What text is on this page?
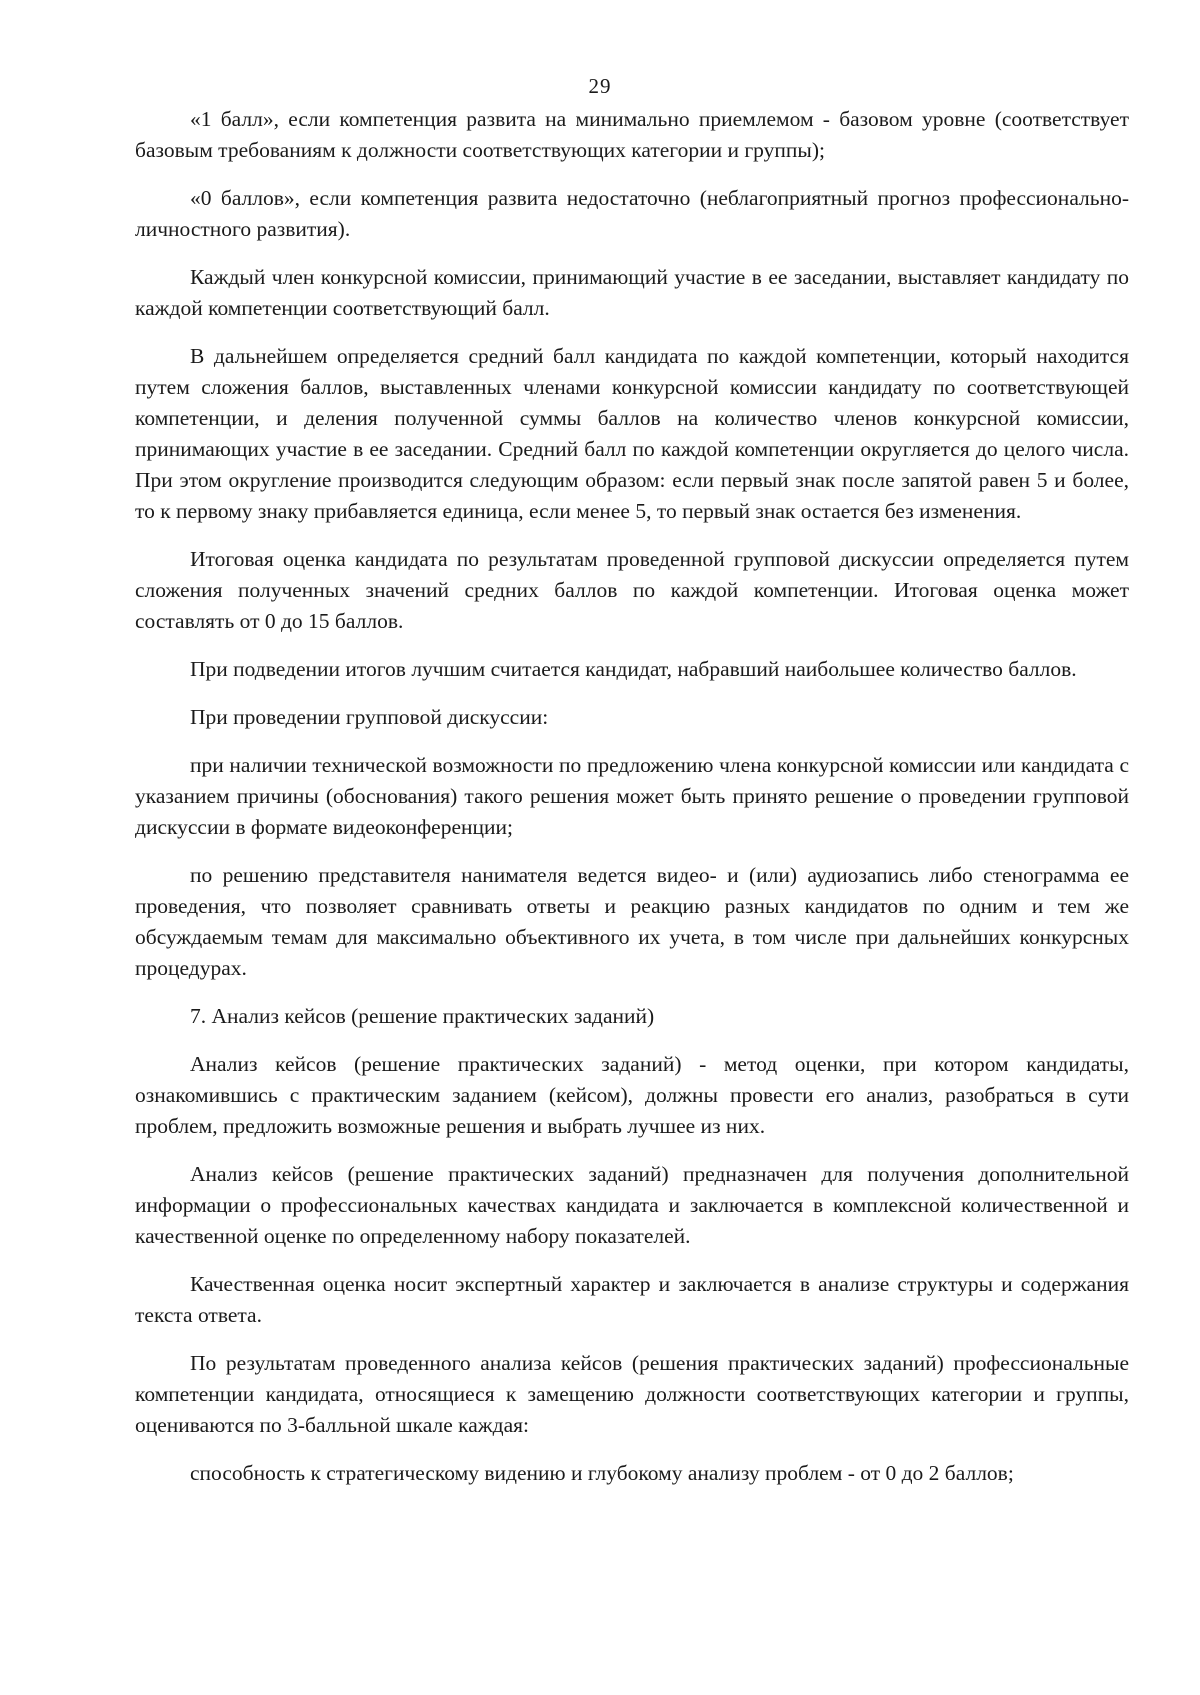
29

«1 балл», если компетенция развита на минимально приемлемом - базовом уровне (соответствует базовым требованиям к должности соответствующих категории и группы);

«0 баллов», если компетенция развита недостаточно (неблагоприятный прогноз профессионально-личностного развития).

Каждый член конкурсной комиссии, принимающий участие в ее заседании, выставляет кандидату по каждой компетенции соответствующий балл.

В дальнейшем определяется средний балл кандидата по каждой компетенции, который находится путем сложения баллов, выставленных членами конкурсной комиссии кандидату по соответствующей компетенции, и деления полученной суммы баллов на количество членов конкурсной комиссии, принимающих участие в ее заседании. Средний балл по каждой компетенции округляется до целого числа. При этом округление производится следующим образом: если первый знак после запятой равен 5 и более, то к первому знаку прибавляется единица, если менее 5, то первый знак остается без изменения.

Итоговая оценка кандидата по результатам проведенной групповой дискуссии определяется путем сложения полученных значений средних баллов по каждой компетенции. Итоговая оценка может составлять от 0 до 15 баллов.

При подведении итогов лучшим считается кандидат, набравший наибольшее количество баллов.

При проведении групповой дискуссии:

при наличии технической возможности по предложению члена конкурсной комиссии или кандидата с указанием причины (обоснования) такого решения может быть принято решение о проведении групповой дискуссии в формате видеоконференции;

по решению представителя нанимателя ведется видео- и (или) аудиозапись либо стенограмма ее проведения, что позволяет сравнивать ответы и реакцию разных кандидатов по одним и тем же обсуждаемым темам для максимально объективного их учета, в том числе при дальнейших конкурсных процедурах.

7. Анализ кейсов (решение практических заданий)

Анализ кейсов (решение практических заданий) - метод оценки, при котором кандидаты, ознакомившись с практическим заданием (кейсом), должны провести его анализ, разобраться в сути проблем, предложить возможные решения и выбрать лучшее из них.

Анализ кейсов (решение практических заданий) предназначен для получения дополнительной информации о профессиональных качествах кандидата и заключается в комплексной количественной и качественной оценке по определенному набору показателей.

Качественная оценка носит экспертный характер и заключается в анализе структуры и содержания текста ответа.

По результатам проведенного анализа кейсов (решения практических заданий) профессиональные компетенции кандидата, относящиеся к замещению должности соответствующих категории и группы, оцениваются по 3-балльной шкале каждая:

способность к стратегическому видению и глубокому анализу проблем - от 0 до 2 баллов;
